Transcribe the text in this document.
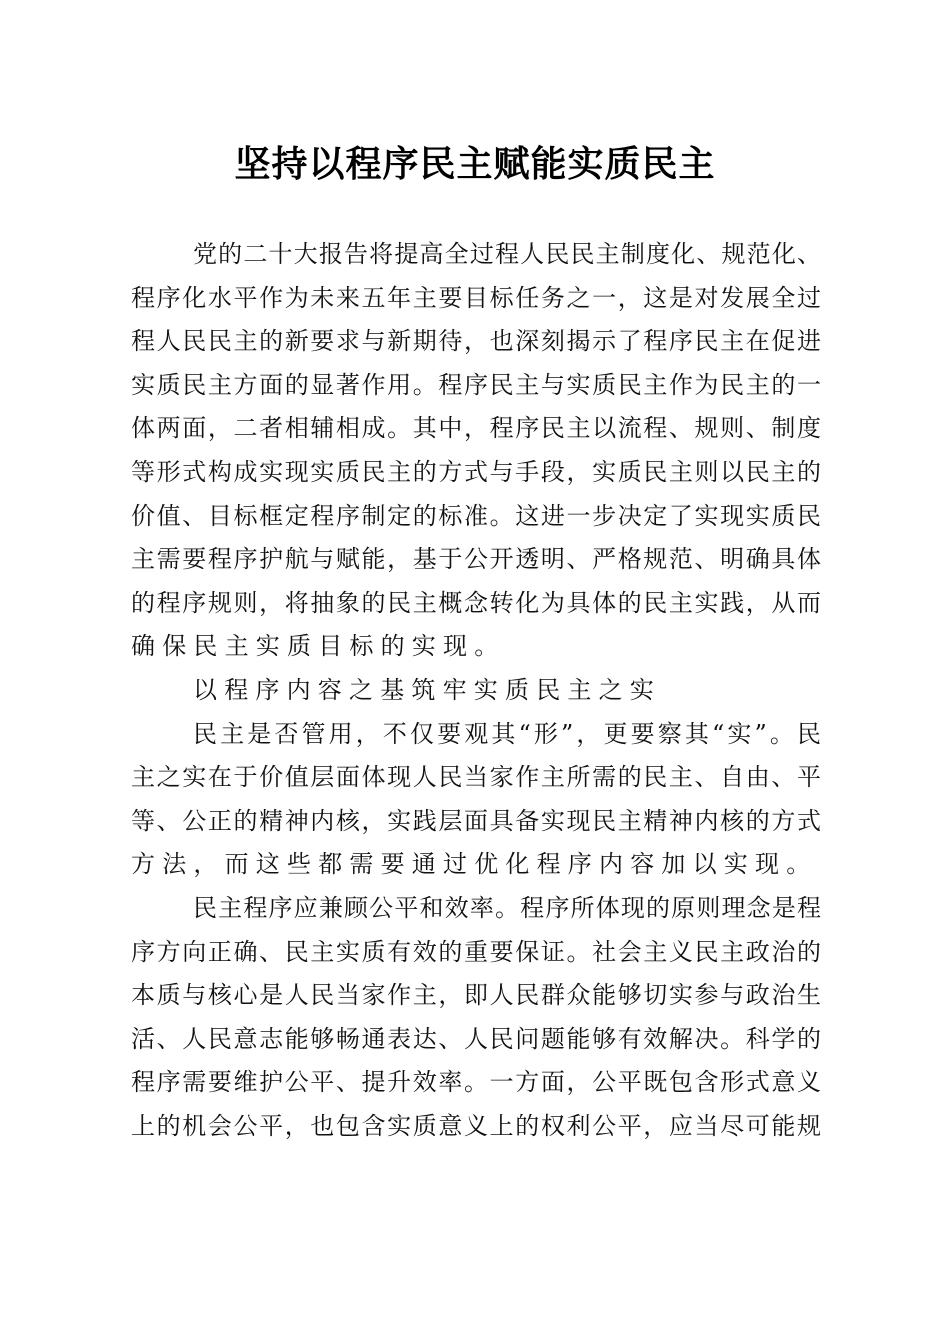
坚持以程序民主赋能实质民主
党的二十大报告将提高全过程人民民主制度化、规范化、
程序化水平作为未来五年主要目标任务之一，这是对发展全过
程人民民主的新要求与新期待，也深刻揭示了程序民主在促进
实质民主方面的显著作用。程序民主与实质民主作为民主的一
体两面，二者相辅相成。其中，程序民主以流程、规则、制度
等形式构成实现实质民主的方式与手段，实质民主则以民主的
价值、目标框定程序制定的标准。这进一步决定了实现实质民
主需要程序护航与赋能，基于公开透明、严格规范、明确具体
的程序规则，将抽象的民主概念转化为具体的民主实践，从而
确保民主实质目标的实现。
以程序内容之基筑牢实质民主之实
民主是否管用，不仅要观其“形”，更要察其“实”。民
主之实在于价值层面体现人民当家作主所需的民主、自由、平
等、公正的精神内核，实践层面具备实现民主精神内核的方式
方法，而这些都需要通过优化程序内容加以实现。
民主程序应兼顾公平和效率。程序所体现的原则理念是程
序方向正确、民主实质有效的重要保证。社会主义民主政治的
本质与核心是人民当家作主，即人民群众能够切实参与政治生
活、人民意志能够畅通表达、人民问题能够有效解决。科学的
程序需要维护公平、提升效率。一方面，公平既包含形式意义
上的机会公平，也包含实质意义上的权利公平，应当尽可能规
